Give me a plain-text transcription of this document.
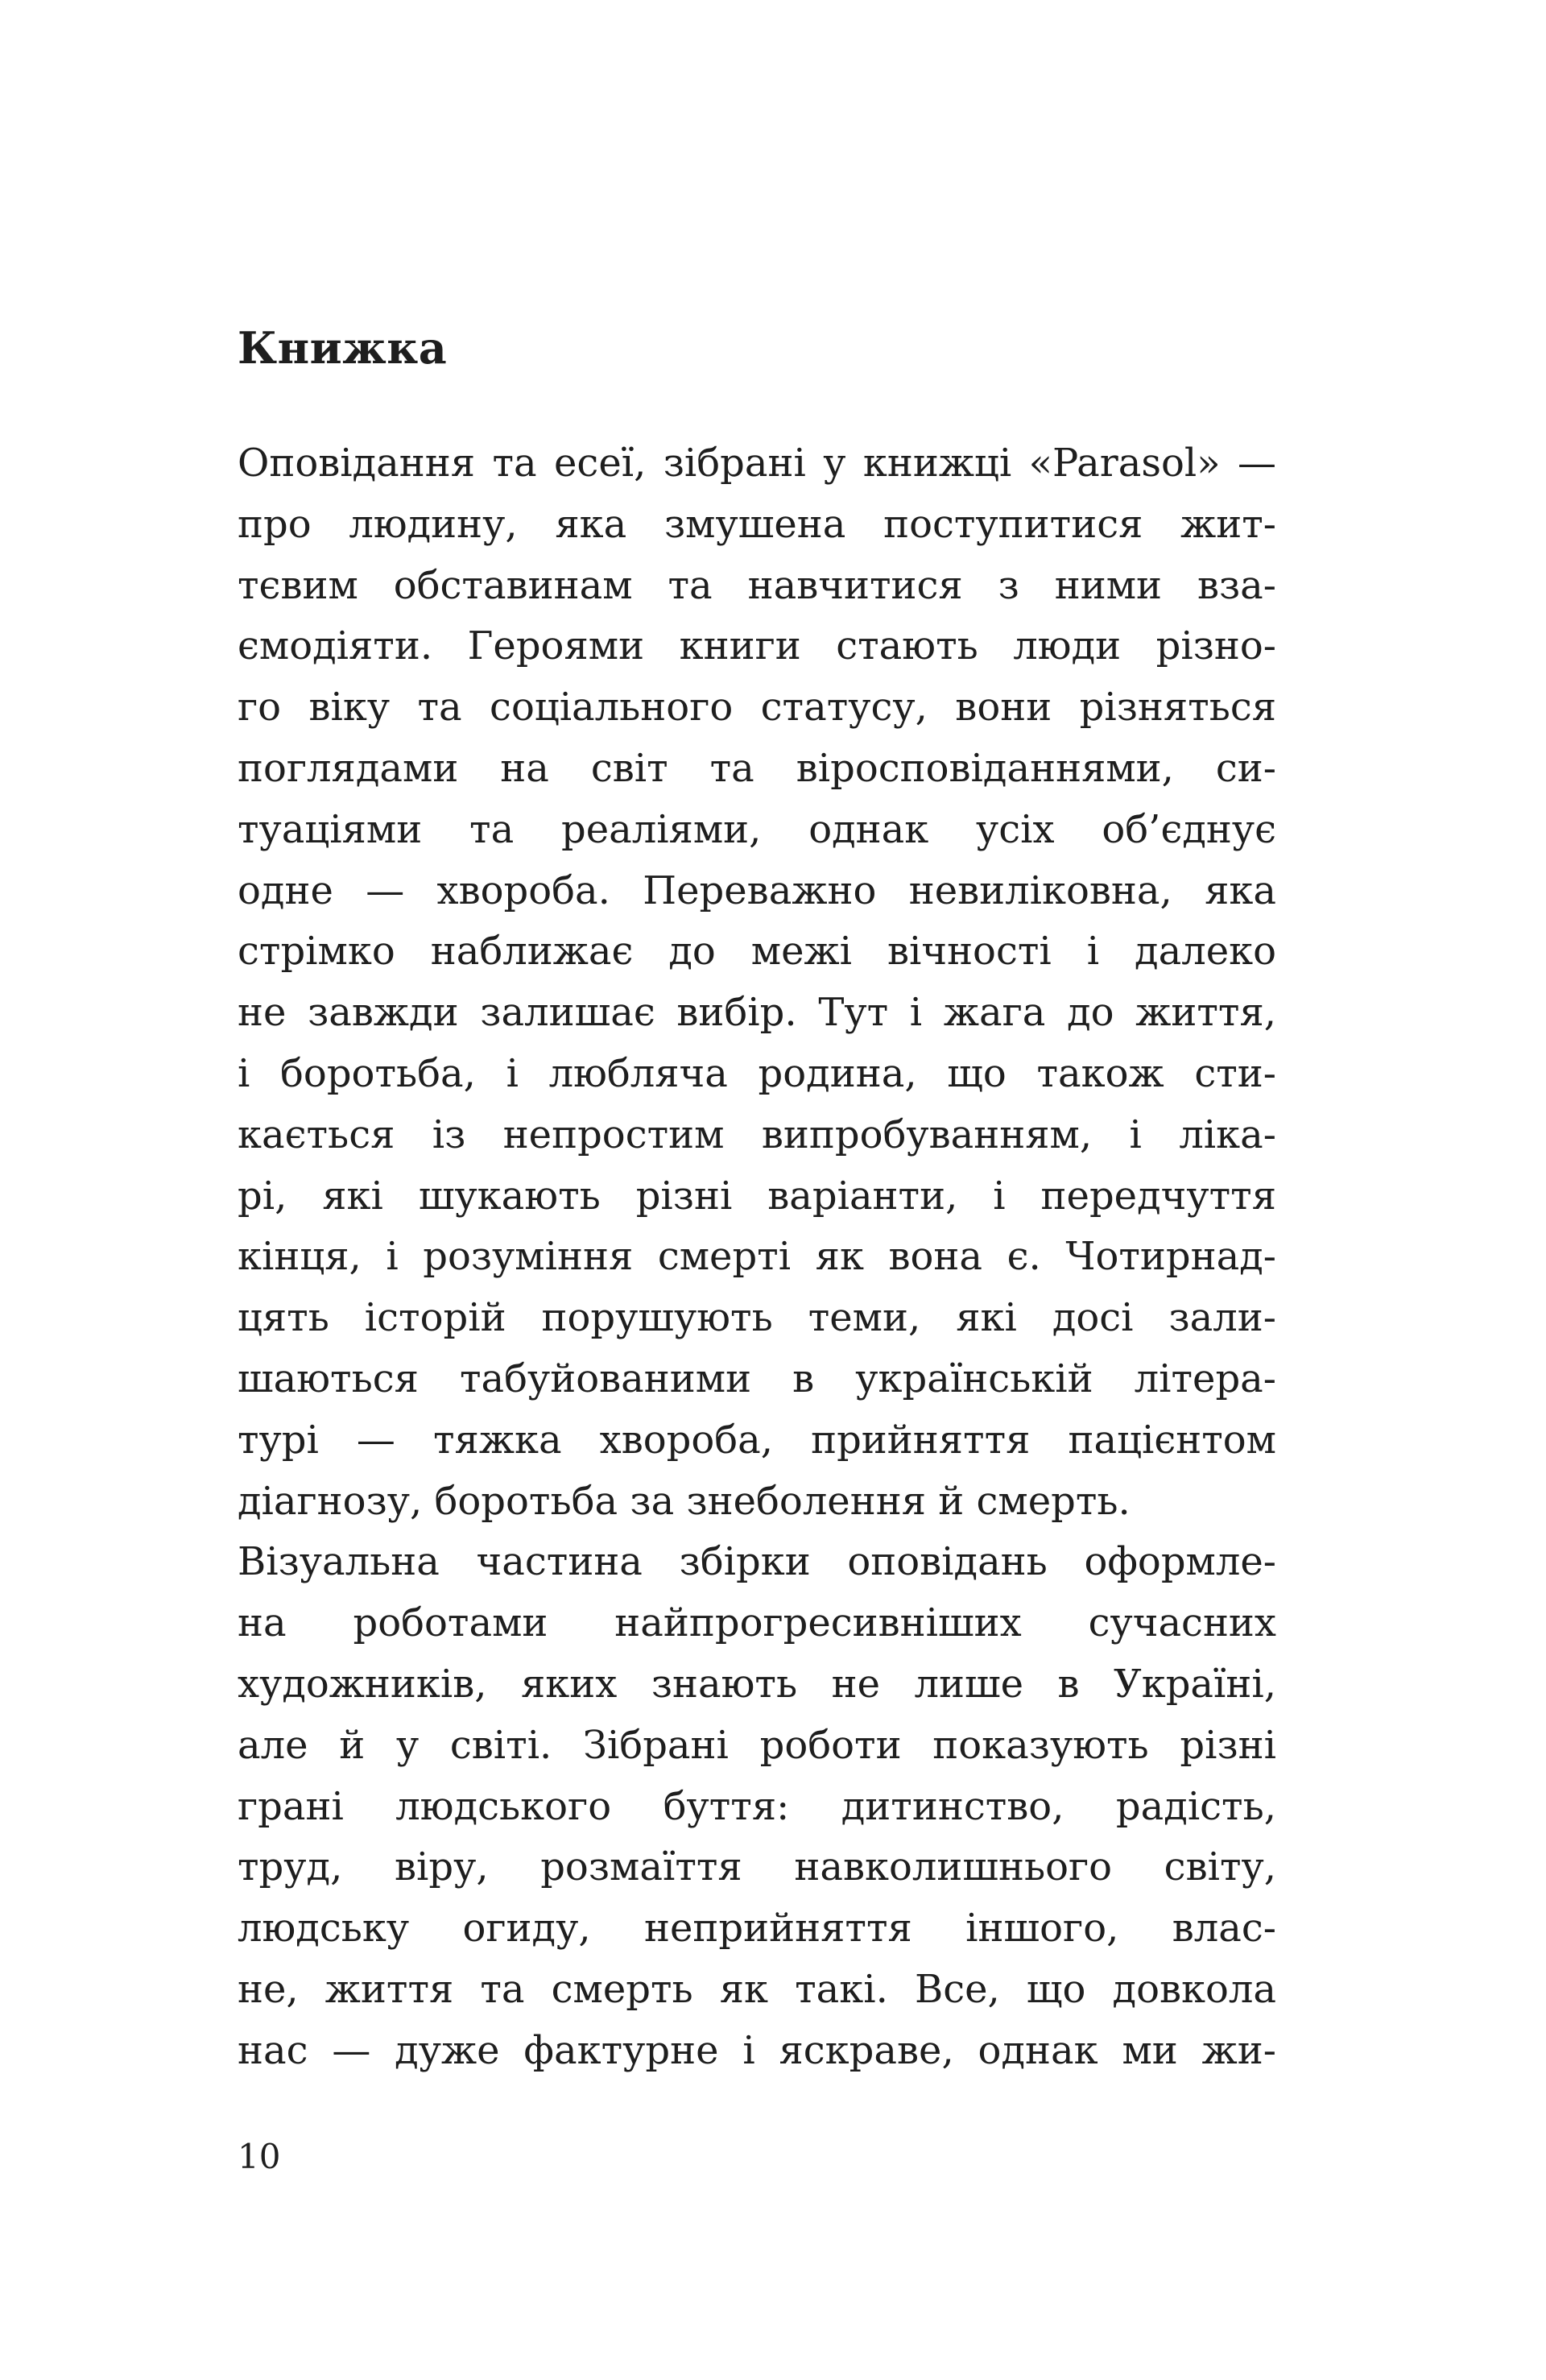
Книжка
Оповідання та есеї, зібрані у книжці «Parasol» —
про людину, яка змушена поступитися жит-
тєвим обставинам та навчитися з ними вза-
ємодіяти. Героями книги стають люди різно-
го віку та соціального статусу, вони різняться
поглядами на світ та віросповіданнями, си-
туаціями та реаліями, однак усіх об’єднує
одне — хвороба. Переважно невиліковна, яка
стрімко наближає до межі вічності і далеко
не завжди залишає вибір. Тут і жага до життя,
і боротьба, і любляча родина, що також сти-
кається із непростим випробуванням, і ліка-
рі, які шукають різні варіанти, і передчуття
кінця, і розуміння смерті як вона є. Чотирнад-
цять історій порушують теми, які досі зали-
шаються табуйованими в українській літера-
турі — тяжка хвороба, прийняття пацієнтом
діагнозу, боротьба за знеболення й смерть.
Візуальна частина збірки оповідань оформле-
на роботами найпрогресивніших сучасних
художників, яких знають не лише в Україні,
але й у світі. Зібрані роботи показують різні
грані людського буття: дитинство, радість,
труд, віру, розмаїття навколишнього світу,
людську огиду, неприйняття іншого, влас-
не, життя та смерть як такі. Все, що довкола
нас — дуже фактурне і яскраве, однак ми жи-
10
